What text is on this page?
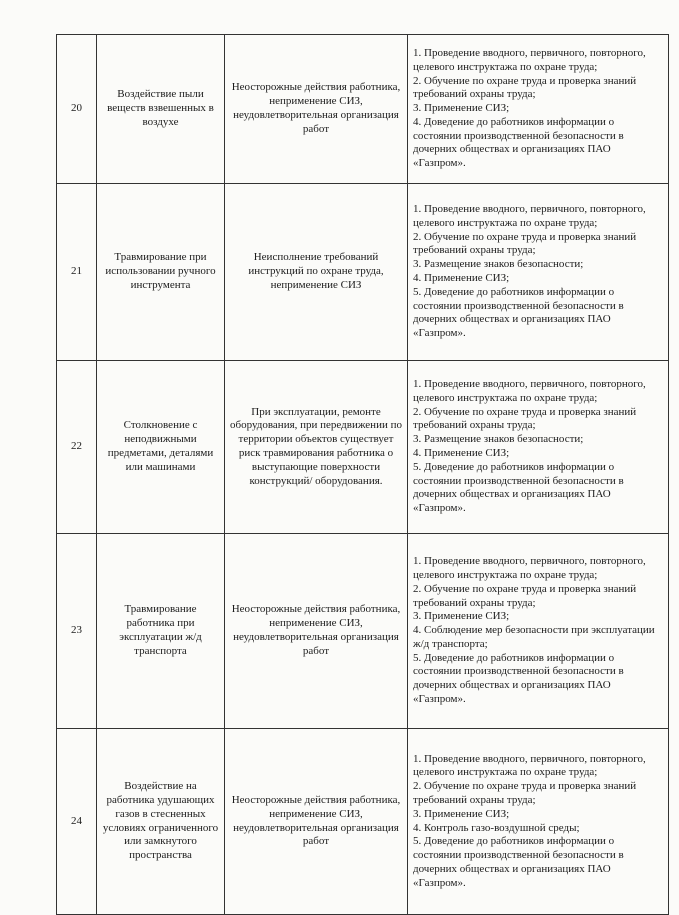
20	Воздействие пыли веществ взвешенных в воздухе	Неосторожные действия работника, неприменение СИЗ, неудовлетворительная организация работ	1. Проведение вводного, первичного, повторного, целевого инструктажа по охране труда;
2. Обучение по охране труда и проверка знаний требований охраны труда;
3. Применение СИЗ;
4. Доведение до работников информации о состоянии производственной безопасности в дочерних обществах и организациях ПАО «Газпром».

21	Травмирование при использовании ручного инструмента	Неисполнение требований инструкций по охране труда, неприменение СИЗ	1. Проведение вводного, первичного, повторного, целевого инструктажа по охране труда;
2. Обучение по охране труда и проверка знаний требований охраны труда;
3. Размещение знаков безопасности;
4. Применение СИЗ;
5. Доведение до работников информации о состоянии производственной безопасности в дочерних обществах и организациях ПАО «Газпром».

22	Столкновение с неподвижными предметами, деталями или машинами	При эксплуатации, ремонте оборудования, при передвижении по территории объектов существует риск травмирования работника о выступающие поверхности конструкций/ оборудования.	1. Проведение вводного, первичного, повторного, целевого инструктажа по охране труда;
2. Обучение по охране труда и проверка знаний требований охраны труда;
3. Размещение знаков безопасности;
4. Применение СИЗ;
5. Доведение до работников информации о состоянии производственной безопасности в дочерних обществах и организациях ПАО «Газпром».

23	Травмирование работника при эксплуатации ж/д транспорта	Неосторожные действия работника, неприменение СИЗ, неудовлетворительная организация работ	1. Проведение вводного, первичного, повторного, целевого инструктажа по охране труда;
2. Обучение по охране труда и проверка знаний требований охраны труда;
3. Применение СИЗ;
4. Соблюдение мер безопасности при эксплуатации ж/д транспорта;
5. Доведение до работников информации о состоянии производственной безопасности в дочерних обществах и организациях ПАО «Газпром».

24	Воздействие на работника удушающих газов в стесненных условиях ограниченного или замкнутого пространства	Неосторожные действия работника, неприменение СИЗ, неудовлетворительная организация работ	1. Проведение вводного, первичного, повторного, целевого инструктажа по охране труда;
2. Обучение по охране труда и проверка знаний требований охраны труда;
3. Применение СИЗ;
4. Контроль газо-воздушной среды;
5. Доведение до работников информации о состоянии производственной безопасности в дочерних обществах и организациях ПАО «Газпром».
